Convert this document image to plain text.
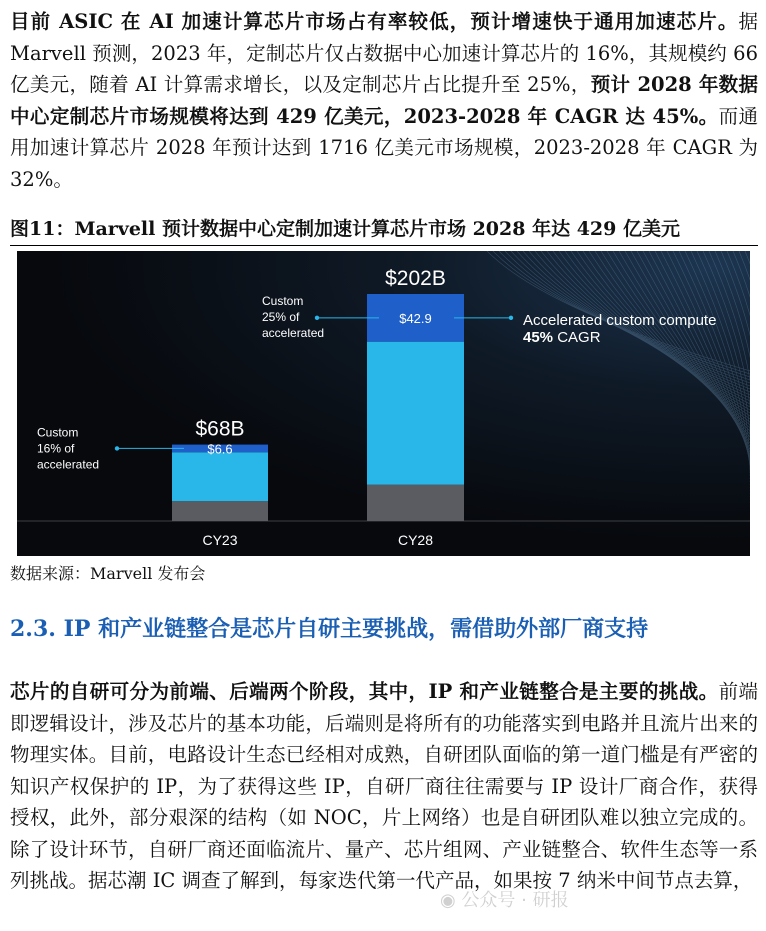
目前 ASIC 在 AI 加速计算芯片市场占有率较低，预计增速快于通用加速芯片。据 Marvell 预测，2023 年，定制芯片仅占数据中心加速计算芯片的 16%，其规模约 66 亿美元，随着 AI 计算需求增长，以及定制芯片占比提升至 25%，预计 2028 年数据中心定制芯片市场规模将达到 429 亿美元，2023-2028 年 CAGR 达 45%。而通用加速计算芯片 2028 年预计达到 1716 亿美元市场规模，2023-2028 年 CAGR 为 32%。

图11：Marvell 预计数据中心定制加速计算芯片市场 2028 年达 429 亿美元

$6.6
$68B
CY23
$42.9
$202B
CY28
Custom
16% of
accelerated
Custom
25% of
accelerated
Accelerated custom compute
45% CAGR

数据来源：Marvell 发布会

2.3. IP 和产业链整合是芯片自研主要挑战，需借助外部厂商支持

芯片的自研可分为前端、后端两个阶段，其中，IP 和产业链整合是主要的挑战。前端即逻辑设计，涉及芯片的基本功能，后端则是将所有的功能落实到电路并且流片出来的物理实体。目前，电路设计生态已经相对成熟，自研团队面临的第一道门槛是有严密的知识产权保护的 IP，为了获得这些 IP，自研厂商往往需要与 IP 设计厂商合作，获得授权，此外，部分艰深的结构（如 NOC，片上网络）也是自研团队难以独立完成的。除了设计环节，自研厂商还面临流片、量产、芯片组网、产业链整合、软件生态等一系列挑战。据芯潮 IC 调查了解到，每家迭代第一代产品，如果按 7 纳米中间节点去算，

◉ 公众号 · 研报
